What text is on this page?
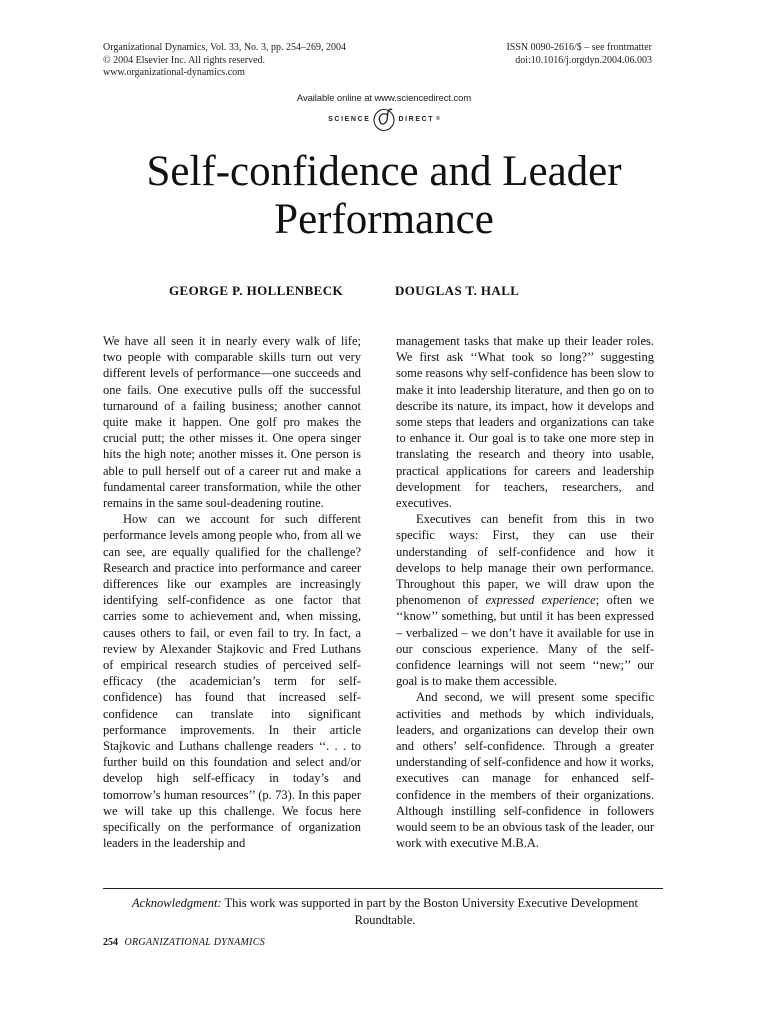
Organizational Dynamics, Vol. 33, No. 3, pp. 254–269, 2004
© 2004 Elsevier Inc. All rights reserved.
www.organizational-dynamics.com
ISSN 0090-2616/$ – see frontmatter
doi:10.1016/j.orgdyn.2004.06.003
Available online at www.sciencedirect.com
SCIENCE	DIRECT ®
Self-confidence and Leader
Performance
GEORGE P. HOLLENBECK	DOUGLAS T. HALL

We have all seen it in nearly every walk of life; two people with comparable skills turn out very different levels of performance—one succeeds and one fails. One executive pulls off the successful turnaround of a failing business; another cannot quite make it happen. One golf pro makes the crucial putt; the other misses it. One opera singer hits the high note; another misses it. One person is able to pull herself out of a career rut and make a fundamental career transformation, while the other remains in the same soul-deadening routine.

How can we account for such different performance levels among people who, from all we can see, are equally qualified for the challenge? Research and practice into performance and career differences like our examples are increasingly identifying self-confidence as one factor that carries some to achievement and, when missing, causes others to fail, or even fail to try. In fact, a review by Alexander Stajkovic and Fred Luthans of empirical research studies of perceived self-efficacy (the academician’s term for self-confidence) has found that increased self-confidence can translate into significant performance improvements. In their article Stajkovic and Luthans challenge readers ‘‘. . . to further build on this foundation and select and/or develop high self-efficacy in today’s and tomorrow’s human resources’’ (p. 73). In this paper we will take up this challenge. We focus here specifically on the performance of organization leaders in the leadership and

management tasks that make up their leader roles. We first ask ‘‘What took so long?’’ suggesting some reasons why self-confidence has been slow to make it into leadership literature, and then go on to describe its nature, its impact, how it develops and some steps that leaders and organizations can take to enhance it. Our goal is to take one more step in translating the research and theory into usable, practical applications for careers and leadership development for teachers, researchers, and executives.

Executives can benefit from this in two specific ways: First, they can use their understanding of self-confidence and how it develops to help manage their own performance. Throughout this paper, we will draw upon the phenomenon of expressed experience; often we ‘‘know’’ something, but until it has been expressed – verbalized – we don’t have it available for use in our conscious experience. Many of the self-confidence learnings will not seem ‘‘new;’’ our goal is to make them accessible.

And second, we will present some specific activities and methods by which individuals, leaders, and organizations can develop their own and others’ self-confidence. Through a greater understanding of self-confidence and how it works, executives can manage for enhanced self-confidence in the members of their organizations. Although instilling self-confidence in followers would seem to be an obvious task of the leader, our work with executive M.B.A.

Acknowledgment: This work was supported in part by the Boston University Executive Development Roundtable.
254 ORGANIZATIONAL DYNAMICS
